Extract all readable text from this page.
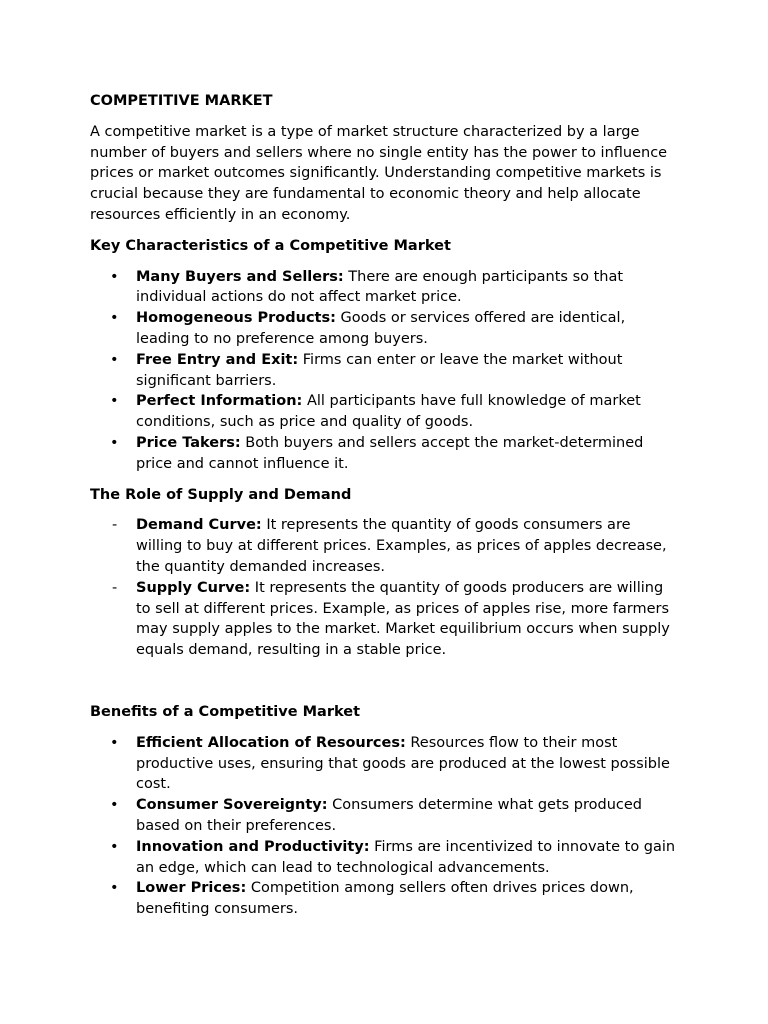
COMPETITIVE MARKET

A competitive market is a type of market structure characterized by a large number of buyers and sellers where no single entity has the power to influence prices or market outcomes significantly. Understanding competitive markets is crucial because they are fundamental to economic theory and help allocate resources efficiently in an economy.

Key Characteristics of a Competitive Market
•	Many Buyers and Sellers: There are enough participants so that individual actions do not affect market price.
•	Homogeneous Products: Goods or services offered are identical, leading to no preference among buyers.
•	Free Entry and Exit: Firms can enter or leave the market without significant barriers.
•	Perfect Information: All participants have full knowledge of market conditions, such as price and quality of goods.
•	Price Takers: Both buyers and sellers accept the market-determined price and cannot influence it.
The Role of Supply and Demand
-	Demand Curve: It represents the quantity of goods consumers are willing to buy at different prices. Examples, as prices of apples decrease, the quantity demanded increases.
-	Supply Curve: It represents the quantity of goods producers are willing to sell at different prices. Example, as prices of apples rise, more farmers may supply apples to the market. Market equilibrium occurs when supply equals demand, resulting in a stable price.
Benefits of a Competitive Market
•	Efficient Allocation of Resources: Resources flow to their most productive uses, ensuring that goods are produced at the lowest possible cost.
•	Consumer Sovereignty: Consumers determine what gets produced based on their preferences.
•	Innovation and Productivity: Firms are incentivized to innovate to gain an edge, which can lead to technological advancements.
•	Lower Prices: Competition among sellers often drives prices down, benefiting consumers.
